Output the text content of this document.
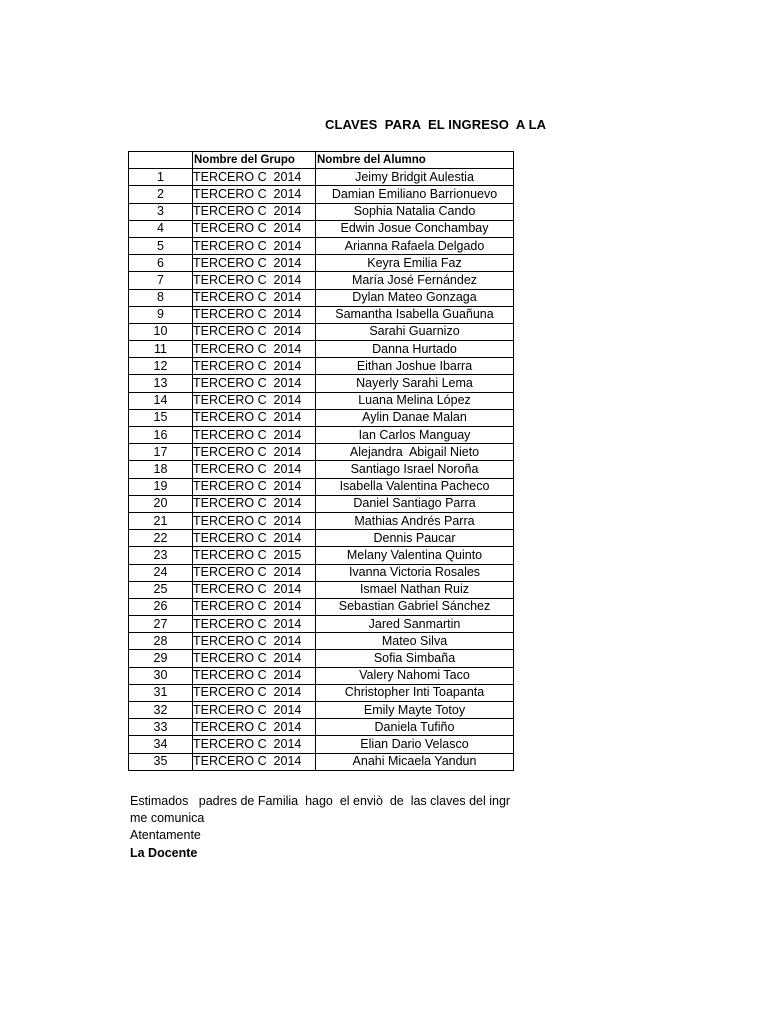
CLAVES  PARA  EL INGRESO  A LA
	Nombre del Grupo	Nombre del Alumno
1	TERCERO C  2014	Jeimy Bridgit Aulestia
2	TERCERO C  2014	Damian Emiliano Barrionuevo
3	TERCERO C  2014	Sophia Natalia Cando
4	TERCERO C  2014	Edwin Josue Conchambay
5	TERCERO C  2014	Arianna Rafaela Delgado
6	TERCERO C  2014	Keyra Emilia Faz
7	TERCERO C  2014	María José Fernández
8	TERCERO C  2014	Dylan Mateo Gonzaga
9	TERCERO C  2014	Samantha Isabella Guañuna
10	TERCERO C  2014	Sarahi Guarnizo
11	TERCERO C  2014	Danna Hurtado
12	TERCERO C  2014	Eithan Joshue Ibarra
13	TERCERO C  2014	Nayerly Sarahi Lema
14	TERCERO C  2014	Luana Melina López
15	TERCERO C  2014	Aylin Danae Malan
16	TERCERO C  2014	Ian Carlos Manguay
17	TERCERO C  2014	Alejandra  Abigail Nieto
18	TERCERO C  2014	Santiago Israel Noroña
19	TERCERO C  2014	Isabella Valentina Pacheco
20	TERCERO C  2014	Daniel Santiago Parra
21	TERCERO C  2014	Mathias Andrés Parra
22	TERCERO C  2014	Dennis Paucar
23	TERCERO C  2015	Melany Valentina Quinto
24	TERCERO C  2014	Ivanna Victoria Rosales
25	TERCERO C  2014	Ismael Nathan Ruiz
26	TERCERO C  2014	Sebastian Gabriel Sánchez
27	TERCERO C  2014	Jared Sanmartin
28	TERCERO C  2014	Mateo Silva
29	TERCERO C  2014	Sofia Simbaña
30	TERCERO C  2014	Valery Nahomi Taco
31	TERCERO C  2014	Christopher Inti Toapanta
32	TERCERO C  2014	Emily Mayte Totoy
33	TERCERO C  2014	Daniela Tufiño
34	TERCERO C  2014	Elian Dario Velasco
35	TERCERO C  2014	Anahi Micaela Yandun
Estimados   padres de Familia  hago  el enviò  de  las claves del ingr
me comunica
Atentamente
La Docente
